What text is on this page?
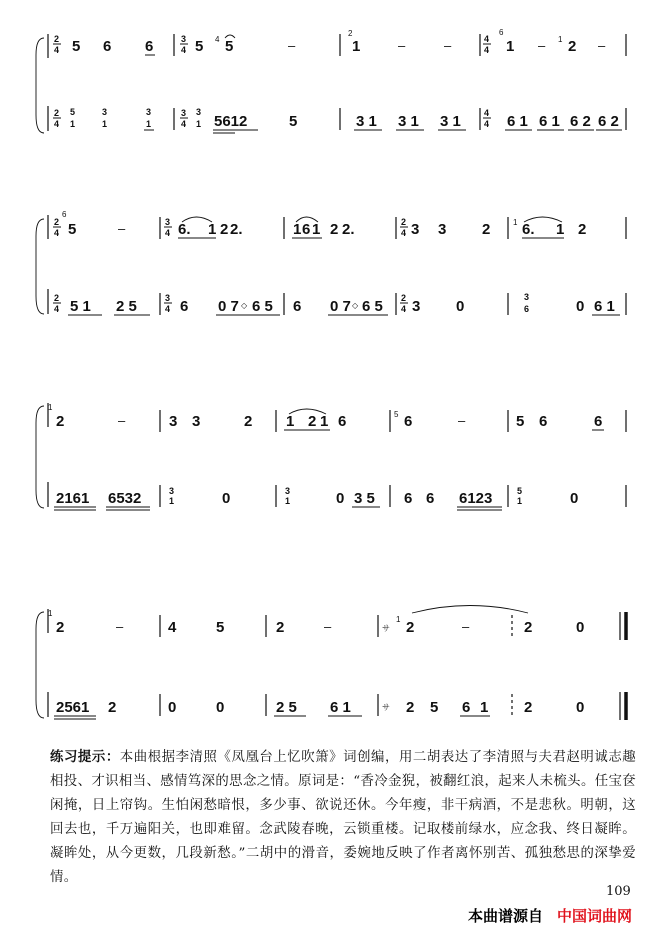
2
4 5 6 6	3
4 5 4 5	–
2
1	–	–	4
4
6
1 – 1 2 –
2
4
5
1
3
1
3
1
3
4
3
1 5612	5	3 1 3 1 3 1	4
4 6 1 6 1 6 2 6 2
2
4
6
5	–	3
4 6. 1 2 2.	1 6 1 2 2.	2
4 3 3 2	1 6. 1 2
2
4 5 1 2 5	3
4 6 0 7 ◇ 6 5 6 0 7 ◇ 6 5 2
4 3 0
3
6	0 6 1
1
2	–	3 3	2 1 2 1 6	5 6	–	5 6	6
2161 6532	3
1	0	3
1	0 3 5 6 6 6123	5
1	0
1
2	–	4	5	2	–	サ
1 2	–	2	0
2561 2	0	0	2 5 6 1	サ 2 5 6 1 2	0
练习提示：本曲根据李清照《凤凰台上忆吹箫》词创编，用二胡表达了李清照与夫君赵明诚志趣相投、才识相当、感情笃深的思念之情。原词是：“香冷金猊，被翻红浪，起来人未梳头。任宝奁闲掩，日上帘钩。生怕闲愁暗恨，多少事、欲说还休。今年瘦，非干病酒，不是悲秋。明朝，这回去也，千万遍阳关，也即难留。念武陵春晚，云锁重楼。记取楼前绿水，应念我、终日凝眸。凝眸处，从今更数，几段新愁。”二胡中的滑音，委婉地反映了作者离怀别苦、孤独愁思的深挚爱情。
109
本曲谱源自 中国词曲网
